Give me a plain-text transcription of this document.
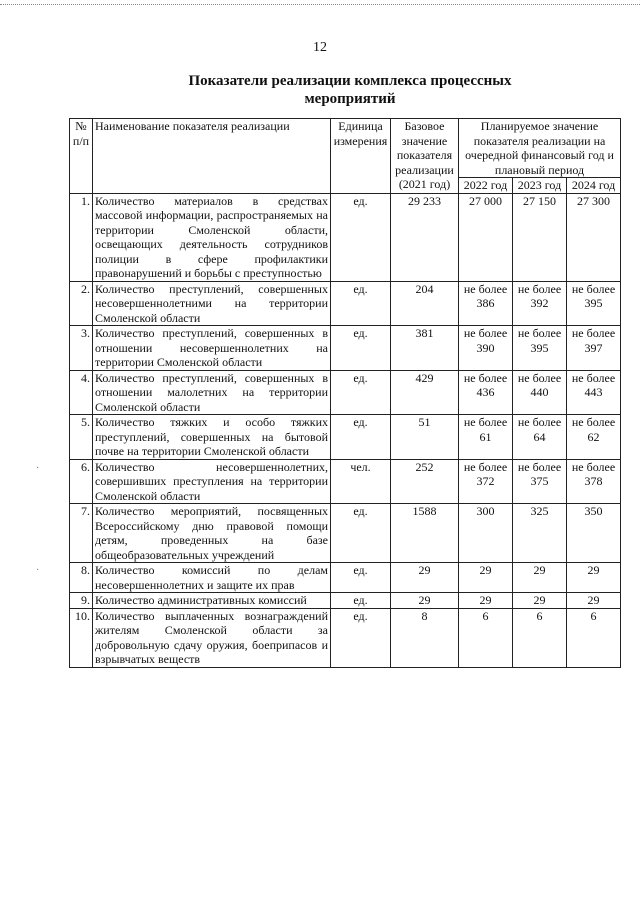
·
·
12
Показатели реализации комплекса процессных
мероприятий
№ п/п	Наименование показателя реализации	Единица измерения	Базовое значение показателя реализации (2021 год)	Планируемое значение показателя реализации на очередной финансовый год и плановый период		
				2022 год	2023 год	2024 год
1.	Количество материалов в средствах массовой информации, распространяемых на территории Смоленской области, освещающих деятельность сотрудников полиции в сфере профилактики правонарушений и борьбы с преступностью	ед.	29 233	27 000	27 150	27 300
2.	Количество преступлений, совершенных несовершеннолетними на территории Смоленской области	ед.	204	не более 386	не более 392	не более 395
3.	Количество преступлений, совершенных в отношении несовершеннолетних на территории Смоленской области	ед.	381	не более 390	не более 395	не более 397
4.	Количество преступлений, совершенных в отношении малолетних на территории Смоленской области	ед.	429	не более 436	не более 440	не более 443
5.	Количество тяжких и особо тяжких преступлений, совершенных на бытовой почве на территории Смоленской области	ед.	51	не более 61	не более 64	не более 62
6.	Количество несовершеннолетних, совершивших преступления на территории Смоленской области	чел.	252	не более 372	не более 375	не более 378
7.	Количество мероприятий, посвященных Всероссийскому дню правовой помощи детям, проведенных на базе общеобразовательных учреждений	ед.	1588	300	325	350
8.	Количество комиссий по делам несовершеннолетних и защите их прав	ед.	29	29	29	29
9.	Количество административных комиссий	ед.	29	29	29	29
10.	Количество выплаченных вознаграждений жителям Смоленской области за добровольную сдачу оружия, боеприпасов и взрывчатых веществ	ед.	8	6	6	6
